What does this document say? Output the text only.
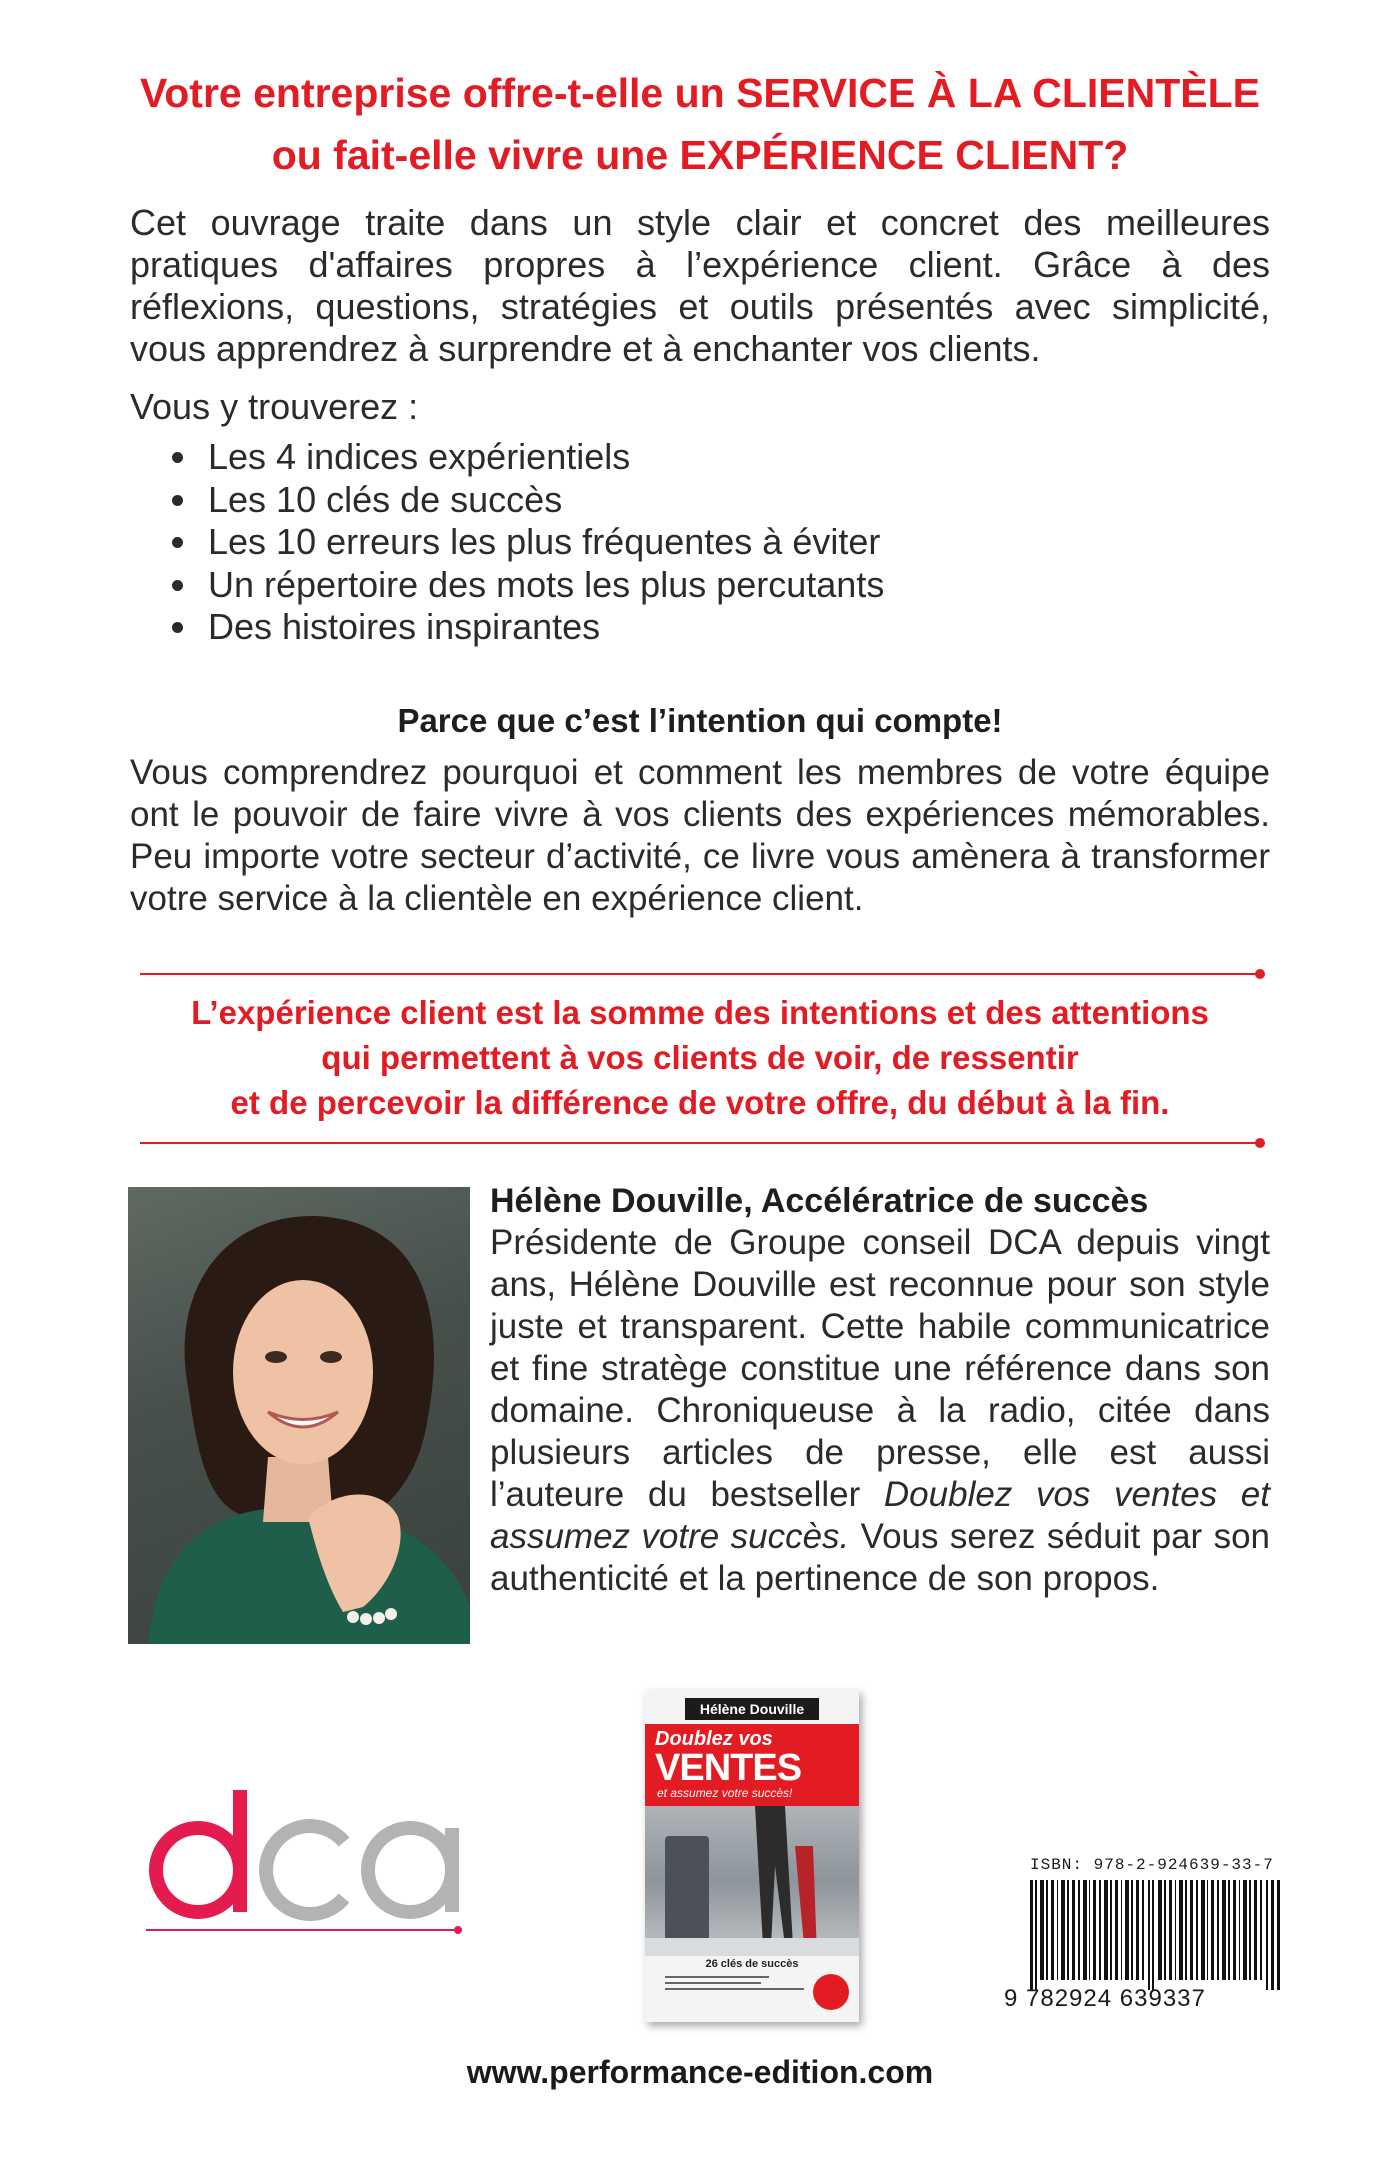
Votre entreprise offre-t-elle un SERVICE À LA CLIENTÈLE
ou fait-elle vivre une EXPÉRIENCE CLIENT?

Cet ouvrage traite dans un style clair et concret des meilleures pratiques d'affaires propres à l’expérience client. Grâce à des réflexions, questions, stratégies et outils présentés avec simplicité, vous apprendrez à surprendre et à enchanter vos clients.

Vous y trouverez :

Les 4 indices expérientiels
Les 10 clés de succès
Les 10 erreurs les plus fréquentes à éviter
Un répertoire des mots les plus percutants
Des histoires inspirantes

Parce que c’est l’intention qui compte!

Vous comprendrez pourquoi et comment les membres de votre équipe ont le pouvoir de faire vivre à vos clients des expériences mémorables. Peu importe votre secteur d’activité, ce livre vous amènera à transformer votre service à la clientèle en expérience client.

L’expérience client est la somme des intentions et des attentions
qui permettent à vos clients de voir, de ressentir
et de percevoir la différence de votre offre, du début à la fin.
Hélène Douville, Accélératrice de succès

Présidente de Groupe conseil DCA depuis vingt ans, Hélène Douville est reconnue pour son style juste et transparent. Cette habile communicatrice et fine stratège constitue une référence dans son domaine. Chroniqueuse à la radio, citée dans plusieurs articles de presse, elle est aussi l’auteure du bestseller Doublez vos ventes et assumez votre succès. Vous serez séduit par son authenticité et la pertinence de son propos.

Hélène Douville
Doublez vos
VENTES
et assumez votre succès!
26 clés de succès
ISBN: 978-2-924639-33-7
9 782924 639337
www.performance-edition.com
